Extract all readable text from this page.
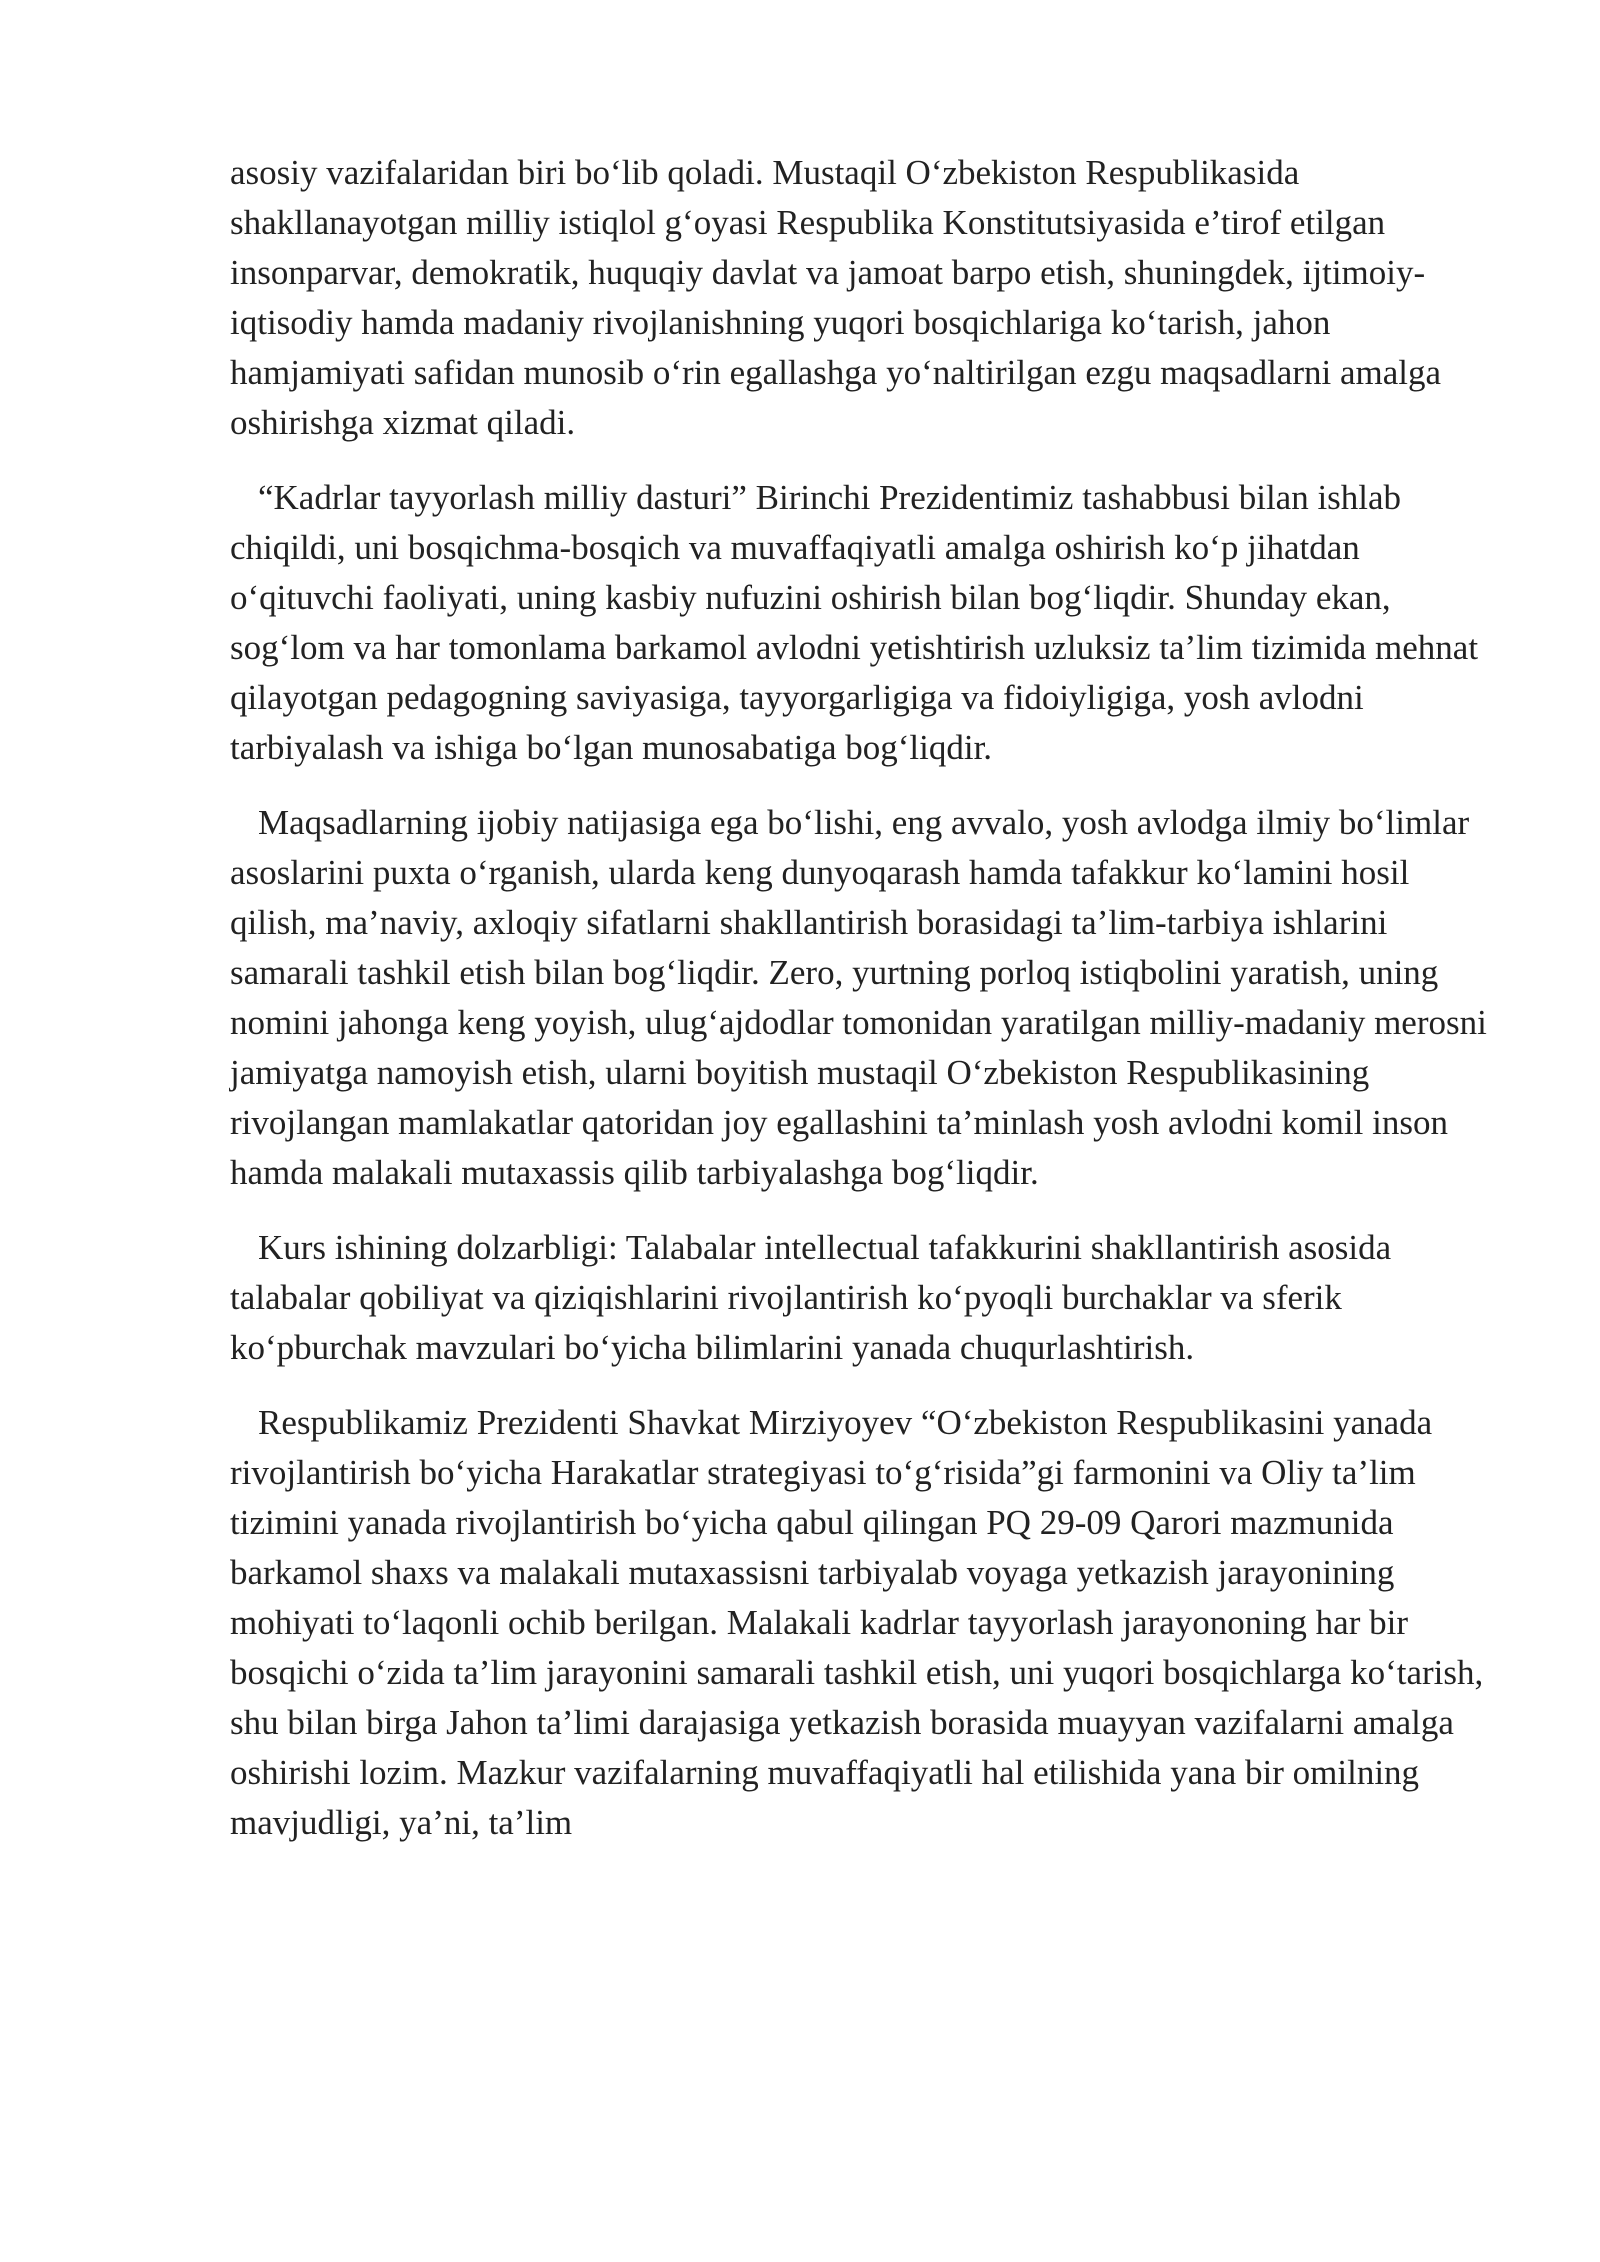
asosiy vazifalaridan biri bo‘lib qoladi. Mustaqil O‘zbekiston Respublikasida shakllanayotgan milliy istiqlol g‘oyasi Respublika Konstitutsiyasida e’tirof etilgan insonparvar, demokratik, huquqiy davlat va jamoat barpo etish, shuningdek, ijtimoiy-iqtisodiy hamda madaniy rivojlanishning yuqori bosqichlariga ko‘tarish, jahon hamjamiyati safidan munosib o‘rin egallashga yo‘naltirilgan ezgu maqsadlarni amalga oshirishga xizmat qiladi.

“Kadrlar tayyorlash milliy dasturi” Birinchi Prezidentimiz tashabbusi bilan ishlab chiqildi, uni bosqichma-bosqich va muvaffaqiyatli amalga oshirish ko‘p jihatdan o‘qituvchi faoliyati, uning kasbiy nufuzini oshirish bilan bog‘liqdir. Shunday ekan, sog‘lom va har tomonlama barkamol avlodni yetishtirish uzluksiz ta’lim tizimida mehnat qilayotgan pedagogning saviyasiga, tayyorgarligiga va fidoiyligiga, yosh avlodni tarbiyalash va ishiga bo‘lgan munosabatiga bog‘liqdir.

Maqsadlarning ijobiy natijasiga ega bo‘lishi, eng avvalo, yosh avlodga ilmiy bo‘limlar asoslarini puxta o‘rganish, ularda keng dunyoqarash hamda tafakkur ko‘lamini hosil qilish, ma’naviy, axloqiy sifatlarni shakllantirish borasidagi ta’lim-tarbiya ishlarini samarali tashkil etish bilan bog‘liqdir. Zero, yurtning porloq istiqbolini yaratish, uning nomini jahonga keng yoyish, ulug‘ajdodlar tomonidan yaratilgan milliy-madaniy merosni jamiyatga namoyish etish, ularni boyitish mustaqil O‘zbekiston Respublikasining rivojlangan mamlakatlar qatoridan joy egallashini ta’minlash yosh avlodni komil inson hamda malakali mutaxassis qilib tarbiyalashga bog‘liqdir.

Kurs ishining dolzarbligi: Talabalar intellectual tafakkurini shakllantirish asosida talabalar qobiliyat va qiziqishlarini rivojlantirish ko‘pyoqli burchaklar va sferik ko‘pburchak mavzulari bo‘yicha bilimlarini yanada chuqurlashtirish.

Respublikamiz Prezidenti Shavkat Mirziyoyev “O‘zbekiston Respublikasini yanada rivojlantirish bo‘yicha Harakatlar strategiyasi to‘g‘risida”gi farmonini va Oliy ta’lim tizimini yanada rivojlantirish bo‘yicha qabul qilingan PQ 29-09 Qarori mazmunida barkamol shaxs va malakali mutaxassisni tarbiyalab voyaga yetkazish jarayonining mohiyati to‘laqonli ochib berilgan. Malakali kadrlar tayyorlash jarayononing har bir bosqichi o‘zida ta’lim jarayonini samarali tashkil etish, uni yuqori bosqichlarga ko‘tarish, shu bilan birga Jahon ta’limi darajasiga yetkazish borasida muayyan vazifalarni amalga oshirishi lozim. Mazkur vazifalarning muvaffaqiyatli hal etilishida yana bir omilning mavjudligi, ya’ni, ta’lim
